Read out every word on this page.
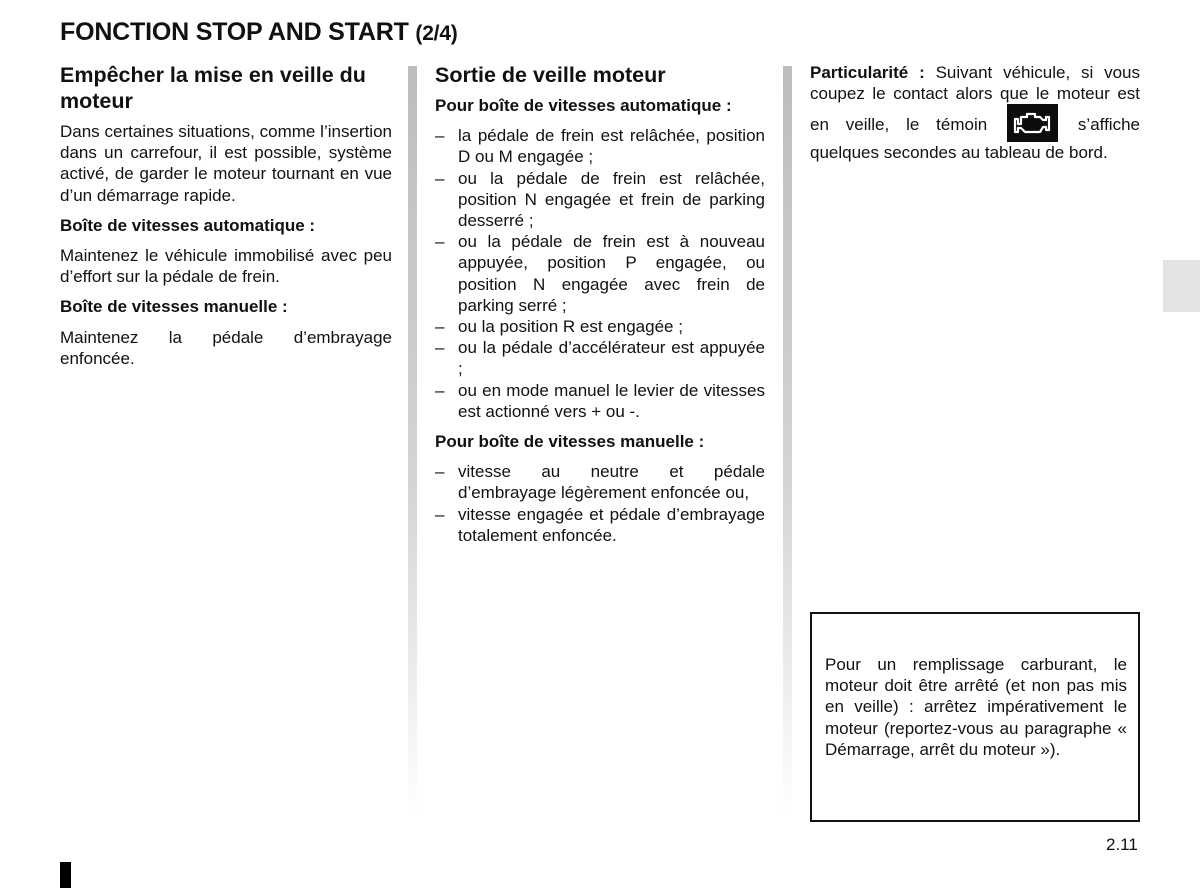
FONCTION STOP AND START (2/4)
Empêcher la mise en veille du moteur

Dans certaines situations, comme l’insertion dans un carrefour, il est possible, système activé, de garder le moteur tournant en vue d’un démarrage rapide.

Boîte de vitesses automatique :

Maintenez le véhicule immobilisé avec peu d’effort sur la pédale de frein.

Boîte de vitesses manuelle :

Maintenez la pédale d’embrayage enfoncée.

Sortie de veille moteur

Pour boîte de vitesses automatique :

– la pédale de frein est relâchée, position D ou M engagée ;
– ou la pédale de frein est relâchée, position N engagée et frein de parking desserré ;
– ou la pédale de frein est à nouveau appuyée, position P engagée, ou position N engagée avec frein de parking serré ;
– ou la position R est engagée ;
– ou la pédale d’accélérateur est appuyée ;
– ou en mode manuel le levier de vitesses est actionné vers + ou -.

Pour boîte de vitesses manuelle :

– vitesse au neutre et pédale d’embrayage légèrement enfoncée ou,
– vitesse engagée et pédale d’embrayage totalement enfoncée.

Particularité : Suivant véhicule, si vous coupez le contact alors que le moteur est en veille, le témoin	s’affiche quelques secondes au tableau de bord.

Pour un remplissage carburant, le moteur doit être arrêté (et non pas mis en veille) : arrêtez impérativement le moteur (reportez-vous au paragraphe « Démarrage, arrêt du moteur »).

2.11
